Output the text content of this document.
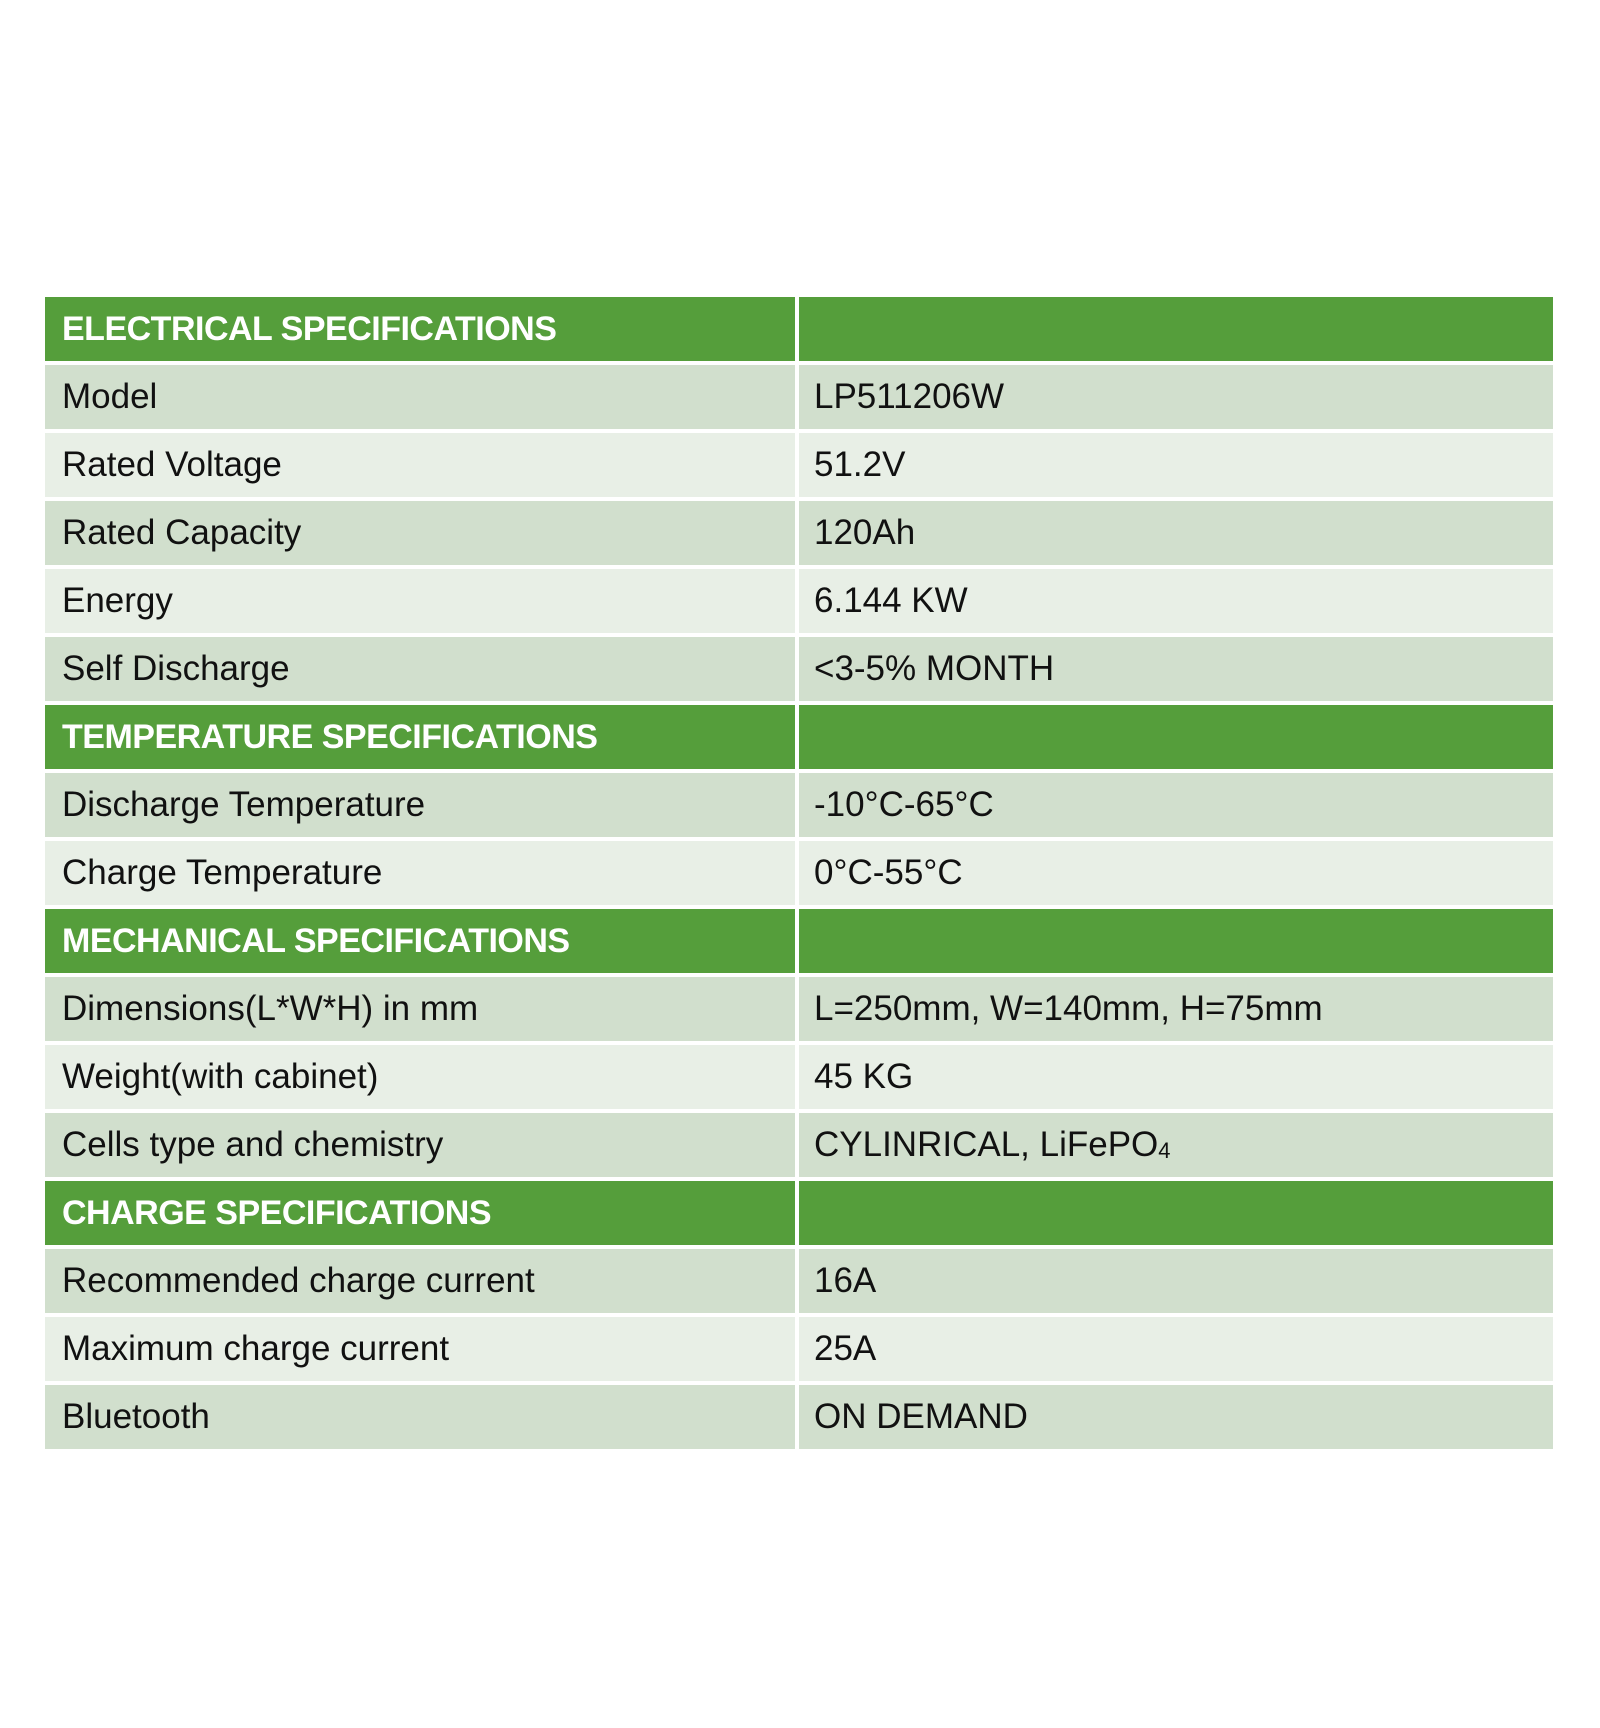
ELECTRICAL SPECIFICATIONS
Model	LP511206W
Rated Voltage	51.2V
Rated Capacity	120Ah
Energy	6.144 KW
Self Discharge	<3-5% MONTH
TEMPERATURE SPECIFICATIONS
Discharge Temperature	-10°C-65°C
Charge Temperature	0°C-55°C
MECHANICAL SPECIFICATIONS
Dimensions(L*W*H) in mm	L=250mm, W=140mm, H=75mm
Weight(with cabinet)	45 KG
Cells type and chemistry	CYLINRICAL, LiFePO 4
CHARGE SPECIFICATIONS
Recommended charge current	16A
Maximum charge current	25A
Bluetooth	ON DEMAND
